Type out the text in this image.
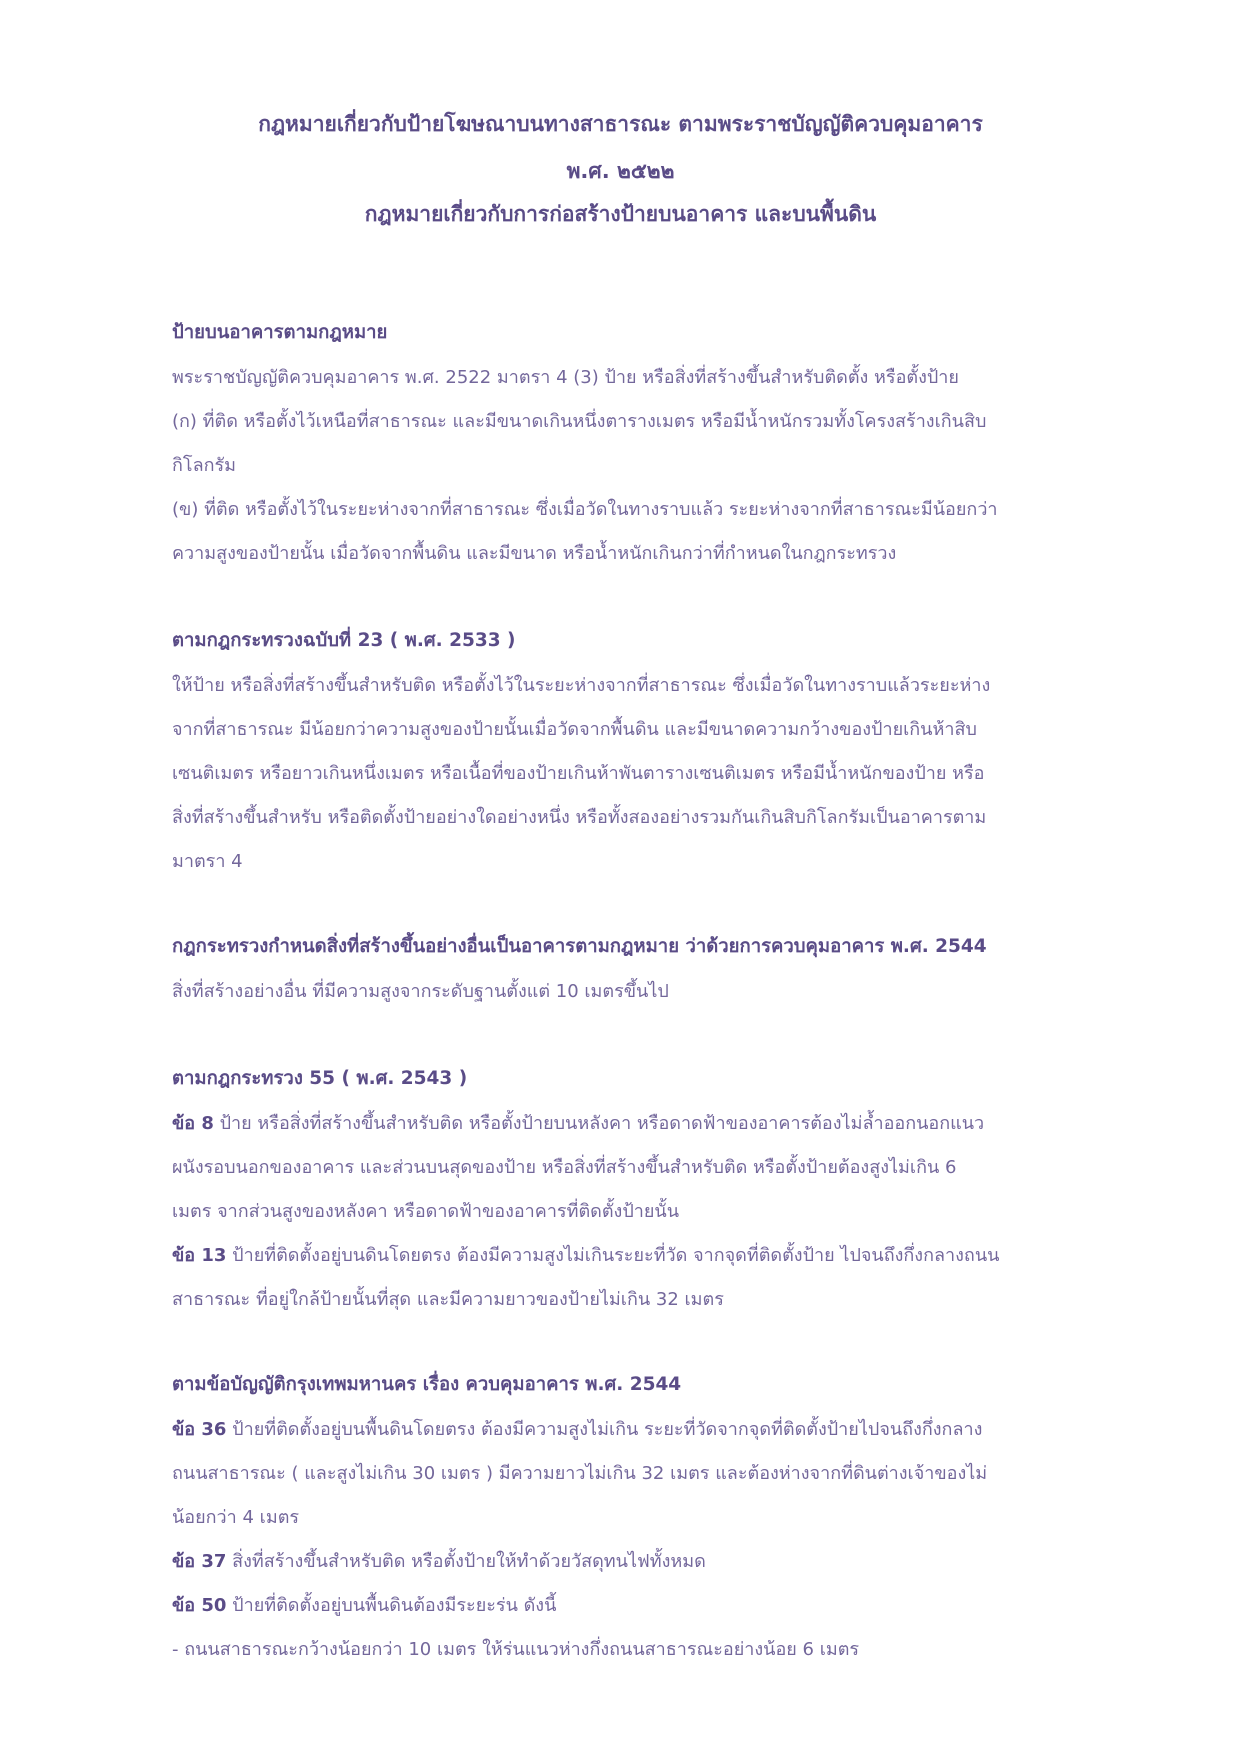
กฎหมายเกี่ยวกับป้ายโฆษณาบนทางสาธารณะ ตามพระราชบัญญัติควบคุมอาคาร
พ.ศ. ๒๕๒๒
กฎหมายเกี่ยวกับการก่อสร้างป้ายบนอาคาร และบนพื้นดิน
ป้ายบนอาคารตามกฎหมาย
พระราชบัญญัติควบคุมอาคาร พ.ศ. 2522 มาตรา 4 (3) ป้าย หรือสิ่งที่สร้างขึ้นสำหรับติดตั้ง หรือตั้งป้าย
(ก) ที่ติด หรือตั้งไว้เหนือที่สาธารณะ และมีขนาดเกินหนึ่งตารางเมตร หรือมีน้ำหนักรวมทั้งโครงสร้างเกินสิบ
กิโลกรัม
(ข) ที่ติด หรือตั้งไว้ในระยะห่างจากที่สาธารณะ ซึ่งเมื่อวัดในทางราบแล้ว ระยะห่างจากที่สาธารณะมีน้อยกว่า
ความสูงของป้ายนั้น เมื่อวัดจากพื้นดิน และมีขนาด หรือน้ำหนักเกินกว่าที่กำหนดในกฎกระทรวง
ตามกฎกระทรวงฉบับที่ 23 ( พ.ศ. 2533 )
ให้ป้าย หรือสิ่งที่สร้างขึ้นสำหรับติด หรือตั้งไว้ในระยะห่างจากที่สาธารณะ ซึ่งเมื่อวัดในทางราบแล้วระยะห่าง
จากที่สาธารณะ มีน้อยกว่าความสูงของป้ายนั้นเมื่อวัดจากพื้นดิน และมีขนาดความกว้างของป้ายเกินห้าสิบ
เซนติเมตร หรือยาวเกินหนึ่งเมตร หรือเนื้อที่ของป้ายเกินห้าพันตารางเซนติเมตร หรือมีน้ำหนักของป้าย หรือ
สิ่งที่สร้างขึ้นสำหรับ หรือติดตั้งป้ายอย่างใดอย่างหนึ่ง หรือทั้งสองอย่างรวมกันเกินสิบกิโลกรัมเป็นอาคารตาม
มาตรา 4
กฎกระทรวงกำหนดสิ่งที่สร้างขึ้นอย่างอื่นเป็นอาคารตามกฎหมาย ว่าด้วยการควบคุมอาคาร พ.ศ. 2544
สิ่งที่สร้างอย่างอื่น ที่มีความสูงจากระดับฐานตั้งแต่ 10 เมตรขึ้นไป
ตามกฎกระทรวง 55 ( พ.ศ. 2543 )
ข้อ 8 ป้าย หรือสิ่งที่สร้างขึ้นสำหรับติด หรือตั้งป้ายบนหลังคา หรือดาดฟ้าของอาคารต้องไม่ล้ำออกนอกแนว
ผนังรอบนอกของอาคาร และส่วนบนสุดของป้าย หรือสิ่งที่สร้างขึ้นสำหรับติด หรือตั้งป้ายต้องสูงไม่เกิน 6
เมตร จากส่วนสูงของหลังคา หรือดาดฟ้าของอาคารที่ติดตั้งป้ายนั้น
ข้อ 13 ป้ายที่ติดตั้งอยู่บนดินโดยตรง ต้องมีความสูงไม่เกินระยะที่วัด จากจุดที่ติดตั้งป้าย ไปจนถึงกึ่งกลางถนน
สาธารณะ ที่อยู่ใกล้ป้ายนั้นที่สุด และมีความยาวของป้ายไม่เกิน 32 เมตร
ตามข้อบัญญัติกรุงเทพมหานคร เรื่อง ควบคุมอาคาร พ.ศ. 2544
ข้อ 36 ป้ายที่ติดตั้งอยู่บนพื้นดินโดยตรง ต้องมีความสูงไม่เกิน ระยะที่วัดจากจุดที่ติดตั้งป้ายไปจนถึงกึ่งกลาง
ถนนสาธารณะ ( และสูงไม่เกิน 30 เมตร ) มีความยาวไม่เกิน 32 เมตร และต้องห่างจากที่ดินต่างเจ้าของไม่
น้อยกว่า 4 เมตร
ข้อ 37 สิ่งที่สร้างขึ้นสำหรับติด หรือตั้งป้ายให้ทำด้วยวัสดุทนไฟทั้งหมด
ข้อ 50 ป้ายที่ติดตั้งอยู่บนพื้นดินต้องมีระยะร่น ดังนี้
- ถนนสาธารณะกว้างน้อยกว่า 10 เมตร ให้ร่นแนวห่างกึ่งถนนสาธารณะอย่างน้อย 6 เมตร
